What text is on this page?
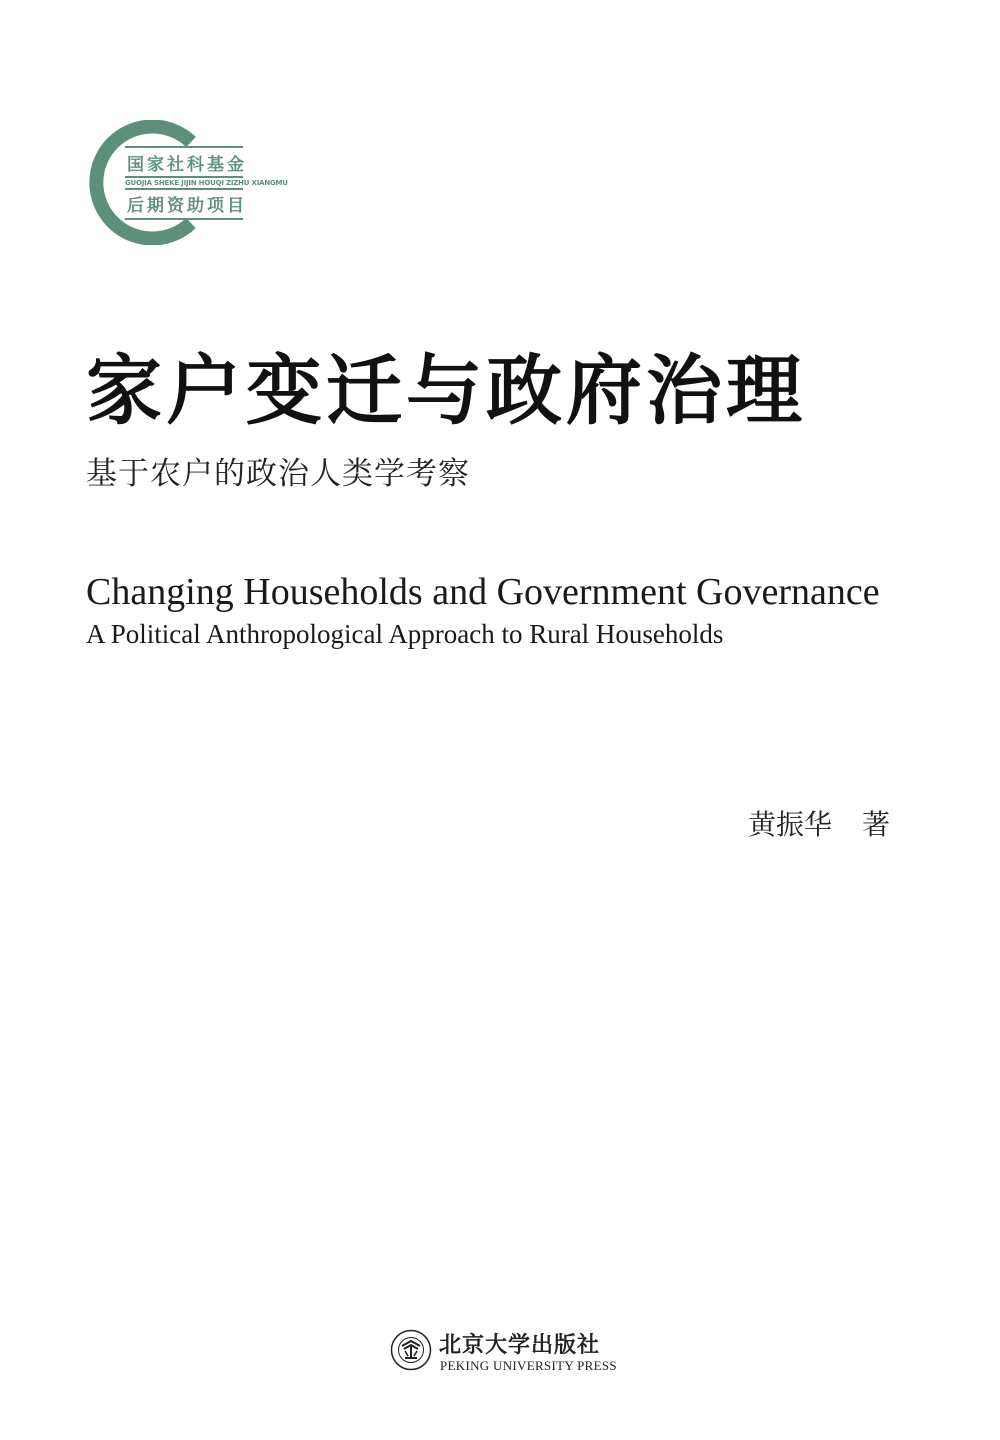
国家社科基金
GUOJIA SHEKE JIJIN HOUQI ZIZHU XIANGMU
后期资助项目
家户变迁与政府治理
基于农户的政治人类学考察
Changing Households and Government Governance
A Political Anthropological Approach to Rural Households
黄振华 著
北京大学出版社
PEKING UNIVERSITY PRESS
